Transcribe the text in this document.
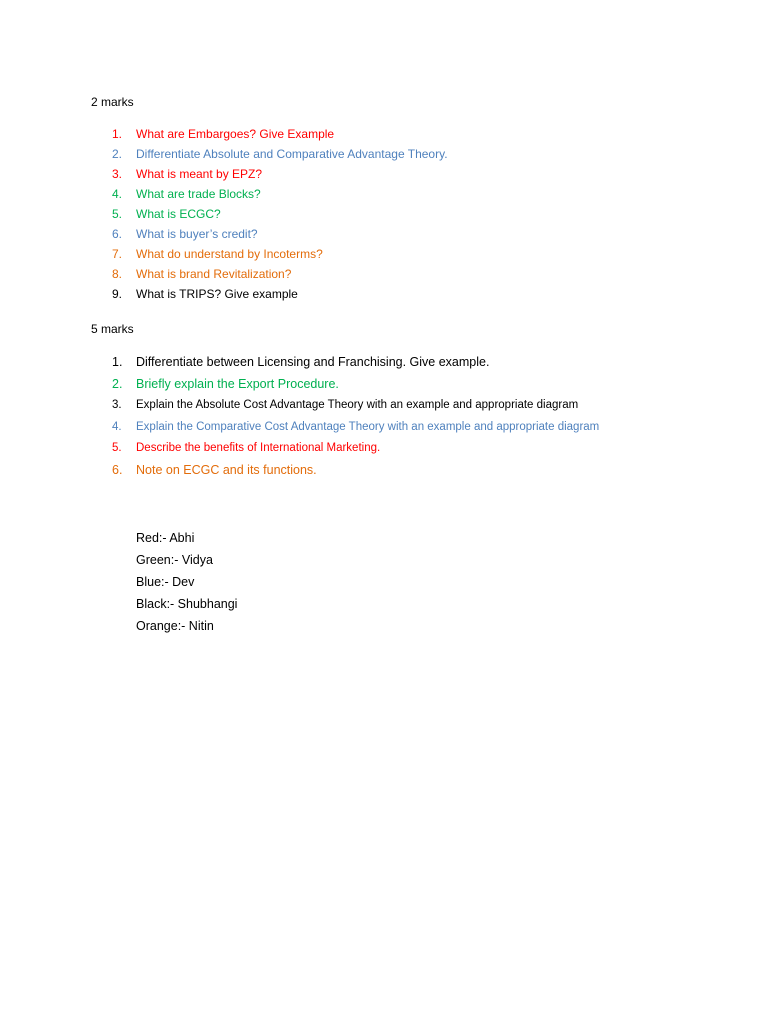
2 marks
1.	What are Embargoes? Give Example
2.	Differentiate Absolute and Comparative Advantage Theory.
3.	What is meant by EPZ?
4.	What are trade Blocks?
5.	What is ECGC?
6.	What is buyer’s credit?
7.	What do understand by Incoterms?
8.	What is brand Revitalization?
9.	What is TRIPS? Give example
5 marks
1.	Differentiate between Licensing and Franchising. Give example.
2.	Briefly explain the Export Procedure.
3.	Explain the Absolute Cost Advantage Theory with an example and appropriate diagram
4.	Explain the Comparative Cost Advantage Theory with an example and appropriate diagram
5.	Describe the benefits of International Marketing.
6.	Note on ECGC and its functions.
Red:- Abhi
Green:- Vidya
Blue:- Dev
Black:- Shubhangi
Orange:- Nitin
